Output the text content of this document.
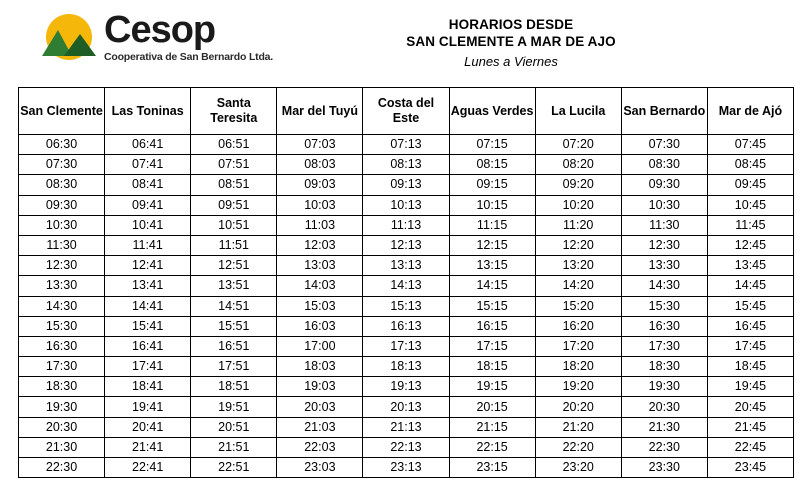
Cesop
Cooperativa de San Bernardo Ltda.
HORARIOS DESDE
SAN CLEMENTE A MAR DE AJO
Lunes a Viernes
San Clemente	Las Toninas	Santa Teresita	Mar del Tuyú	Costa del Este	Aguas Verdes	La Lucila	San Bernardo	Mar de Ajó
06:30	06:41	06:51	07:03	07:13	07:15	07:20	07:30	07:45
07:30	07:41	07:51	08:03	08:13	08:15	08:20	08:30	08:45
08:30	08:41	08:51	09:03	09:13	09:15	09:20	09:30	09:45
09:30	09:41	09:51	10:03	10:13	10:15	10:20	10:30	10:45
10:30	10:41	10:51	11:03	11:13	11:15	11:20	11:30	11:45
11:30	11:41	11:51	12:03	12:13	12:15	12:20	12:30	12:45
12:30	12:41	12:51	13:03	13:13	13:15	13:20	13:30	13:45
13:30	13:41	13:51	14:03	14:13	14:15	14:20	14:30	14:45
14:30	14:41	14:51	15:03	15:13	15:15	15:20	15:30	15:45
15:30	15:41	15:51	16:03	16:13	16:15	16:20	16:30	16:45
16:30	16:41	16:51	17:00	17:13	17:15	17:20	17:30	17:45
17:30	17:41	17:51	18:03	18:13	18:15	18:20	18:30	18:45
18:30	18:41	18:51	19:03	19:13	19:15	19:20	19:30	19:45
19:30	19:41	19:51	20:03	20:13	20:15	20:20	20:30	20:45
20:30	20:41	20:51	21:03	21:13	21:15	21:20	21:30	21:45
21:30	21:41	21:51	22:03	22:13	22:15	22:20	22:30	22:45
22:30	22:41	22:51	23:03	23:13	23:15	23:20	23:30	23:45
